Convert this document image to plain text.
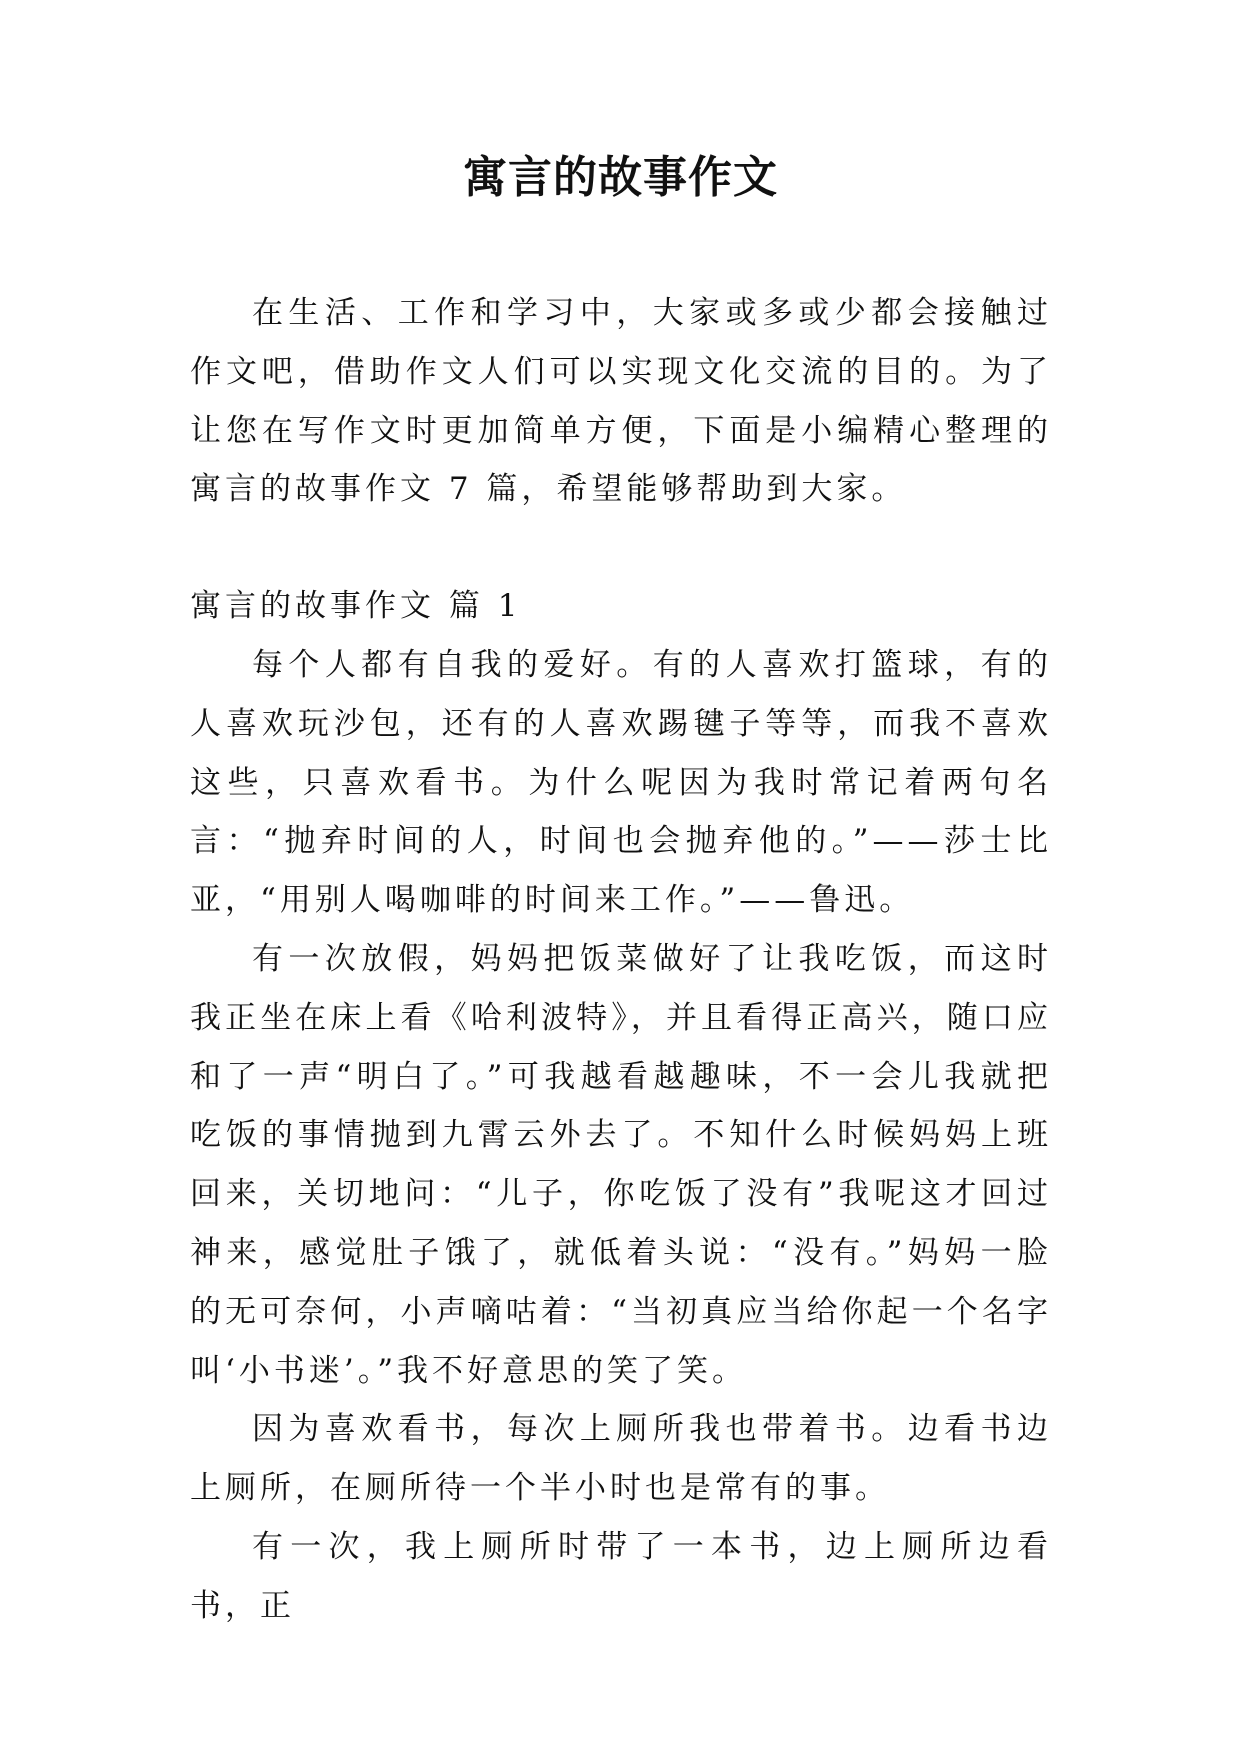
寓言的故事作文

在生活、工作和学习中，大家或多或少都会接触过作文吧，借助作文人们可以实现文化交流的目的。为了让您在写作文时更加简单方便，下面是小编精心整理的寓言的故事作文 7 篇，希望能够帮助到大家。

寓言的故事作文 篇 1

每个人都有自我的爱好。有的人喜欢打篮球，有的人喜欢玩沙包，还有的人喜欢踢毽子等等，而我不喜欢这些，只喜欢看书。为什么呢因为我时常记着两句名言：“抛弃时间的人，时间也会抛弃他的。”——莎士比亚，“用别人喝咖啡的时间来工作。”——鲁迅。

有一次放假，妈妈把饭菜做好了让我吃饭，而这时我正坐在床上看《哈利波特》，并且看得正高兴，随口应和了一声“明白了。”可我越看越趣味，不一会儿我就把吃饭的事情抛到九霄云外去了。不知什么时候妈妈上班回来，关切地问：“儿子，你吃饭了没有”我呢这才回过神来，感觉肚子饿了，就低着头说：“没有。”妈妈一脸的无可奈何，小声嘀咕着：“当初真应当给你起一个名字叫‘小书迷’。”我不好意思的笑了笑。

因为喜欢看书，每次上厕所我也带着书。边看书边上厕所，在厕所待一个半小时也是常有的事。

有一次，我上厕所时带了一本书，边上厕所边看书，正
